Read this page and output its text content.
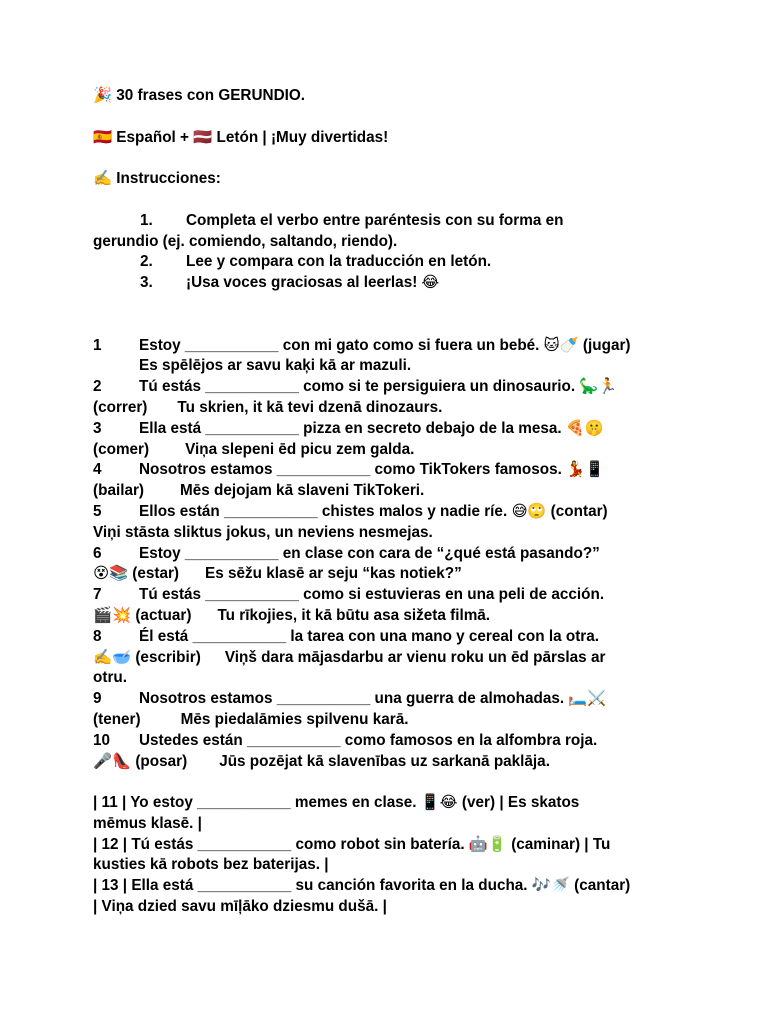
🎉 30 frases con GERUNDIO.
🇪🇸 Español + 🇱🇻 Letón | ¡Muy divertidas!
✍️ Instrucciones:
1. Completa el verbo entre paréntesis con su forma en
gerundio (ej. comiendo, saltando, riendo).
2. Lee y compara con la traducción en letón.
3. ¡Usa voces graciosas al leerlas! 😂
1 Estoy ___________ con mi gato como si fuera un bebé. 🐱🍼 (jugar)
Es spēlējos ar savu kaķi kā ar mazuli.
2 Tú estás ___________ como si te persiguiera un dinosaurio. 🦕🏃
(correr) Tu skrien, it kā tevi dzenā dinozaurs.
3 Ella está ___________ pizza en secreto debajo de la mesa. 🍕🤫
(comer) Viņa slepeni ēd picu zem galda.
4 Nosotros estamos ___________ como TikTokers famosos. 💃📱
(bailar) Mēs dejojam kā slaveni TikTokeri.
5 Ellos están ___________ chistes malos y nadie ríe. 😅🙄 (contar)
Viņi stāsta sliktus jokus, un neviens nesmejas.
6 Estoy ___________ en clase con cara de “¿qué está pasando?”
😵📚 (estar) Es sēžu klasē ar seju “kas notiek?”
7 Tú estás ___________ como si estuvieras en una peli de acción.
🎬💥 (actuar) Tu rīkojies, it kā būtu asa sižeta filmā.
8 Él está ___________ la tarea con una mano y cereal con la otra.
✍️🥣 (escribir) Viņš dara mājasdarbu ar vienu roku un ēd pārslas ar
otru.
9 Nosotros estamos ___________ una guerra de almohadas. 🛏️⚔️
(tener)	Mēs piedalāmies spilvenu karā.
10 Ustedes están ___________ como famosos en la alfombra roja.
🎤👠 (posar) Jūs pozējat kā slavenības uz sarkanā paklāja.
| 11 | Yo estoy ___________ memes en clase. 📱😂 (ver) | Es skatos
mēmus klasē. |
| 12 | Tú estás ___________ como robot sin batería. 🤖🔋 (caminar) | Tu
kusties kā robots bez baterijas. |
| 13 | Ella está ___________ su canción favorita en la ducha. 🎶🚿 (cantar)
| Viņa dzied savu mīļāko dziesmu dušā. |
